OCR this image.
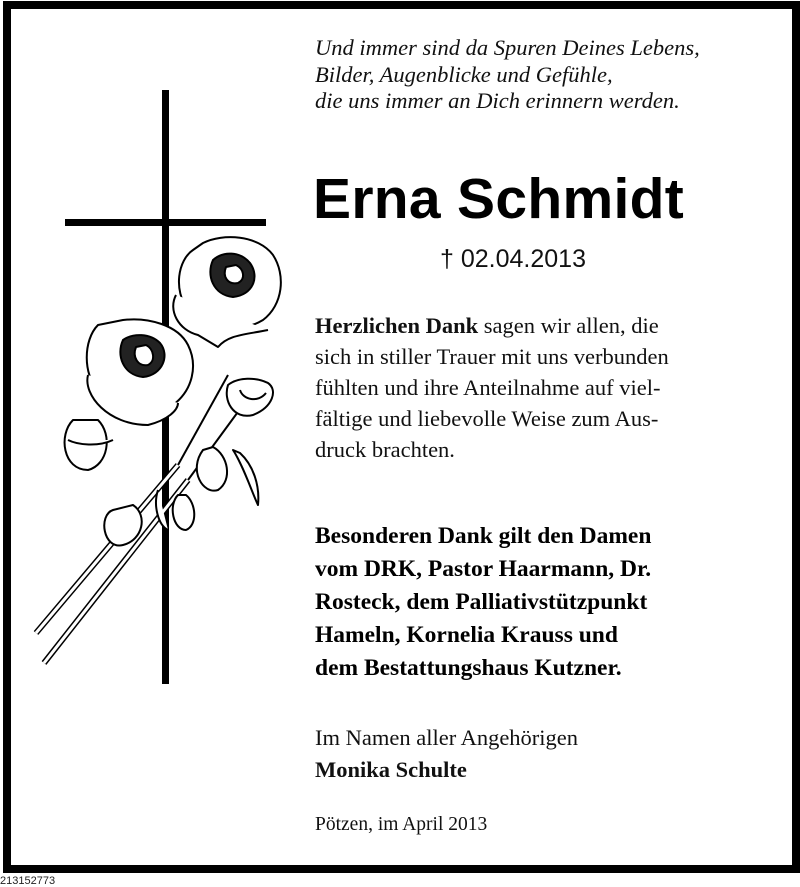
Und immer sind da Spuren Deines Lebens,
Bilder, Augenblicke und Gefühle,
die uns immer an Dich erinnern werden.
Erna Schmidt
† 02.04.2013
Herzlichen Dank sagen wir allen, die
sich in stiller Trauer mit uns verbunden
fühlten und ihre Anteilnahme auf viel-
fältige und liebevolle Weise zum Aus-
druck brachten.
Besonderen Dank gilt den Damen
vom DRK, Pastor Haarmann, Dr.
Rosteck, dem Palliativstützpunkt
Hameln, Kornelia Krauss und
dem Bestattungshaus Kutzner.
Im Namen aller Angehörigen
Monika Schulte
Pötzen, im April 2013
213152773
